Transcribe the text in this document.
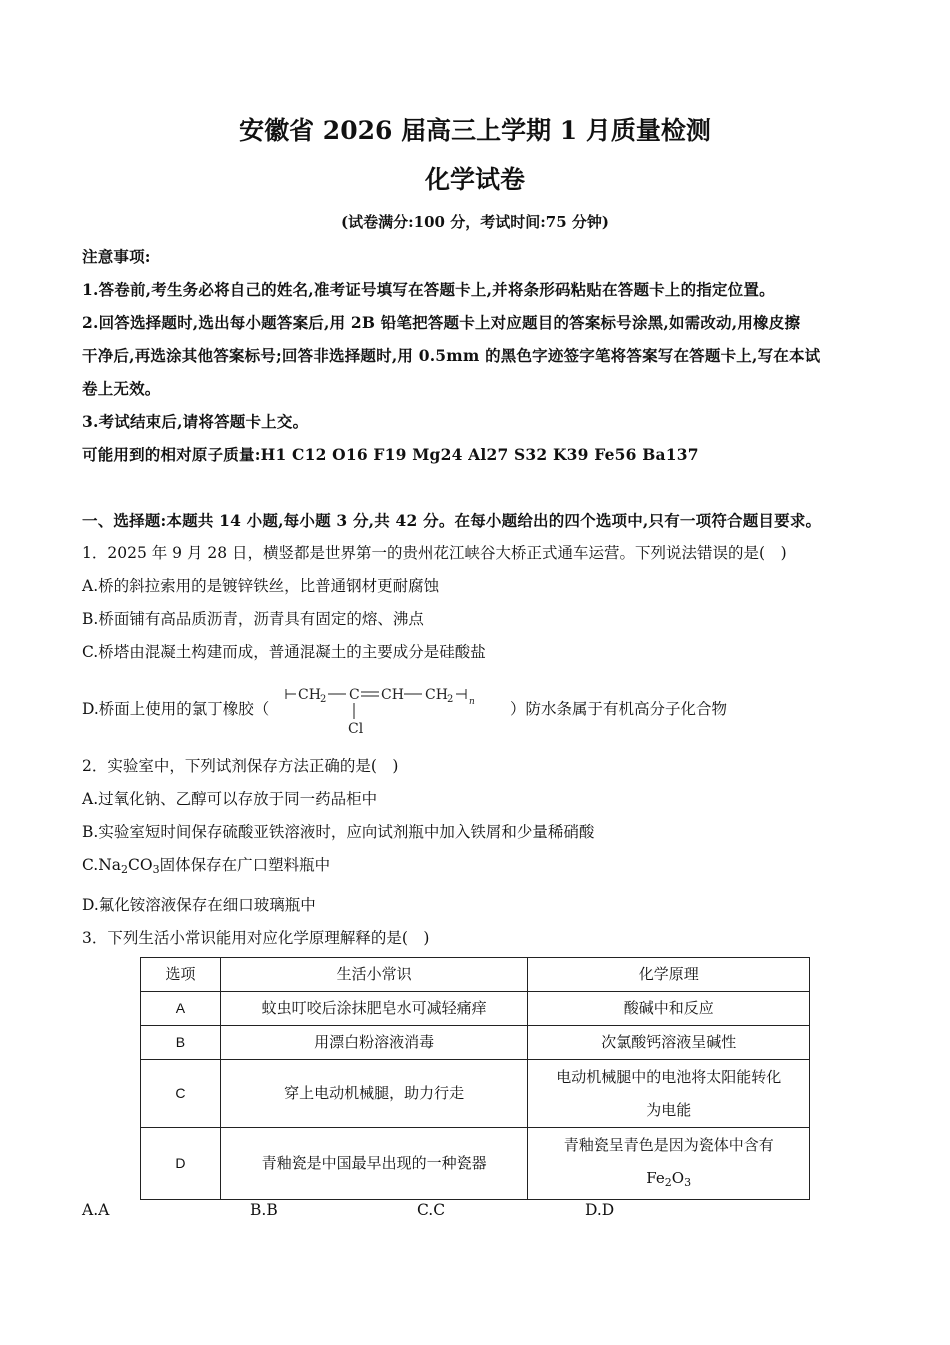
安徽省 2026 届高三上学期 1 月质量检测
化学试卷
(试卷满分:100 分，考试时间:75 分钟)
注意事项:
1.答卷前,考生务必将自己的姓名,准考证号填写在答题卡上,并将条形码粘贴在答题卡上的指定位置。
2.回答选择题时,选出每小题答案后,用 2B 铅笔把答题卡上对应题目的答案标号涂黑,如需改动,用橡皮擦
干净后,再选涂其他答案标号;回答非选择题时,用 0.5mm 的黑色字迹签字笔将答案写在答题卡上,写在本试
卷上无效。
3.考试结束后,请将答题卡上交。
可能用到的相对原子质量:H1 C12 O16 F19 Mg24 Al27 S32 K39 Fe56 Ba137
一、选择题:本题共 14 小题,每小题 3 分,共 42 分。在每小题给出的四个选项中,只有一项符合题目要求。
1．2025 年 9 月 28 日，横竖都是世界第一的贵州花江峡谷大桥正式通车运营。下列说法错误的是(　)
A.桥的斜拉索用的是镀锌铁丝，比普通钢材更耐腐蚀
B.桥面铺有高品质沥青，沥青具有固定的熔、沸点
C.桥塔由混凝土构建而成，普通混凝土的主要成分是硅酸盐
D.桥面上使用的氯丁橡胶（
CH 2 C CH CH 2 n
Cl
）防水条属于有机高分子化合物
2．实验室中，下列试剂保存方法正确的是(　)
A.过氧化钠、乙醇可以存放于同一药品柜中
B.实验室短时间保存硫酸亚铁溶液时，应向试剂瓶中加入铁屑和少量稀硝酸
$C.Na_2CO_3$固体保存在广口塑料瓶中
D.氟化铵溶液保存在细口玻璃瓶中
3．下列生活小常识能用对应化学原理解释的是(　)
选项	生活小常识	化学原理
A	蚊虫叮咬后涂抹肥皂水可减轻痛痒	酸碱中和反应
B	用漂白粉溶液消毒	次氯酸钙溶液呈碱性
C	穿上电动机械腿，助力行走	电动机械腿中的电池将太阳能转化
为电能

D	青釉瓷是中国最早出现的一种瓷器	青釉瓷呈青色是因为瓷体中含有
$Fe_2O_3$
A.A	B.B	C.C	D.D
